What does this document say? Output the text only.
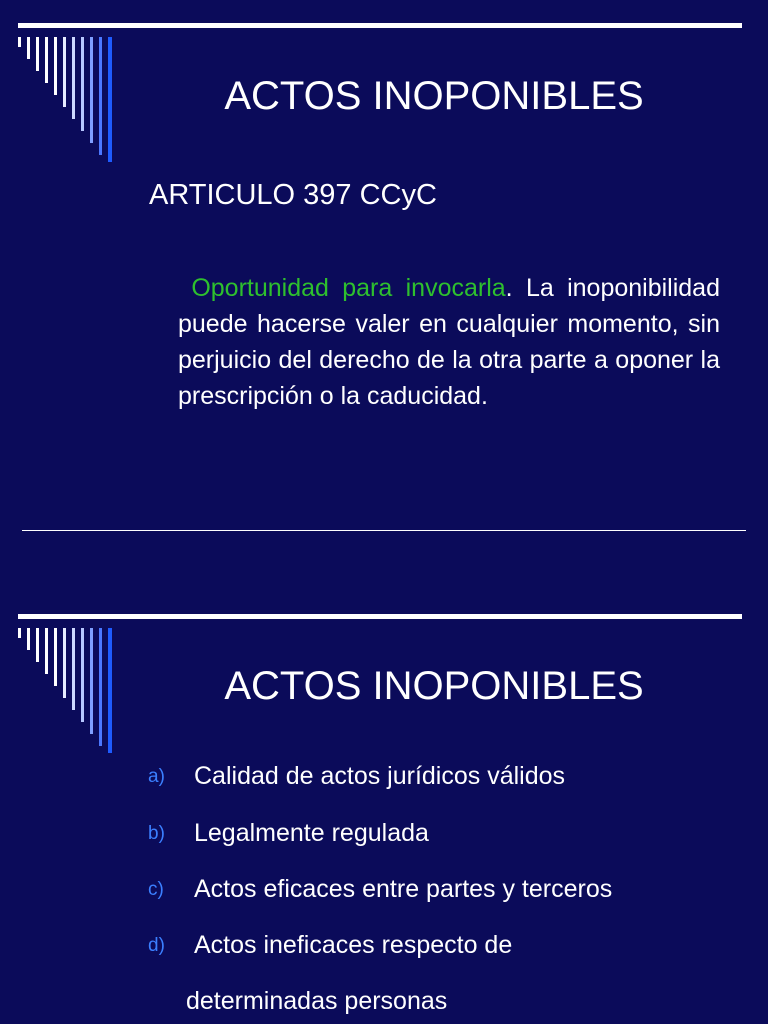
ACTOS INOPONIBLES
ARTICULO 397 CCyC

Oportunidad para invocarla. La inoponibilidad puede hacerse valer en cualquier momento, sin perjuicio del derecho de la otra parte a oponer la prescripción o la caducidad.

ACTOS INOPONIBLES
a) Calidad de actos jurídicos válidos
b) Legalmente regulada
c) Actos eficaces entre partes y terceros
d) Actos ineficaces respecto de
determinadas personas
